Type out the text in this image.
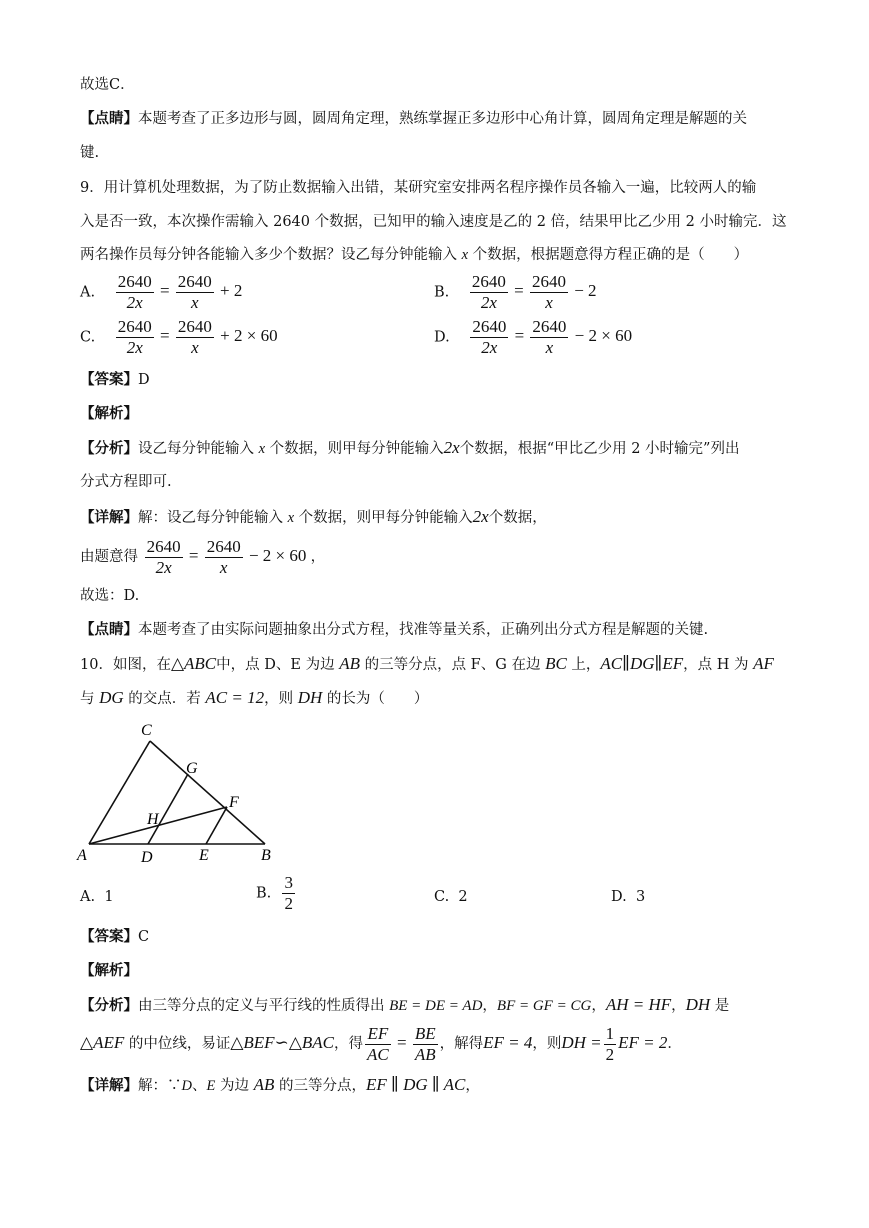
故选C．
【点睛】本题考查了正多边形与圆，圆周角定理，熟练掌握正多边形中心角计算，圆周角定理是解题的关
键.
9．用计算机处理数据，为了防止数据输入出错，某研究室安排两名程序操作员各输入一遍，比较两人的输
入是否一致，本次操作需输入 2640 个数据，已知甲的输入速度是乙的 2 倍，结果甲比乙少用 2 小时输完．这
两名操作员每分钟各能输入多少个数据？设乙每分钟能输入 x 个数据，根据题意得方程正确的是（　　）
A. $\frac{2640}{2x} = \frac{2640}{x} + 2$	B. $\frac{2640}{2x} = \frac{2640}{x} - 2$
C. $\frac{2640}{2x} = \frac{2640}{x} + 2 \times 60$	D. $\frac{2640}{2x} = \frac{2640}{x} - 2 \times 60$
【答案】D
【解析】
【分析】设乙每分钟能输入 x 个数据，则甲每分钟能输入2x个数据，根据“甲比乙少用 2 小时输完”列出
分式方程即可.
【详解】解：设乙每分钟能输入 x 个数据，则甲每分钟能输入2x个数据，
由题意得 $\frac{2640}{2x} = \frac{2640}{x} - 2 \times 60$ ，
故选：D.
【点睛】本题考查了由实际问题抽象出分式方程，找准等量关系，正确列出分式方程是解题的关键.
10．如图，在△ABC中，点 D、E 为边 AB 的三等分点，点 F、G 在边 BC 上，AC∥DG∥EF，点 H 为 AF
与 DG 的交点．若 AC = 12，则 DH 的长为（　　）
C
G
F
H
A	D	E	B
A. 1	B. $\frac{3}{2}$	C. 2	D. 3
【答案】C
【解析】
【分析】由三等分点的定义与平行线的性质得出 BE = DE = AD，BF = GF = CG，AH = HF，DH 是
△AEF 的中位线，易证△BEF∽△BAC，得 $\frac{EF}{AC} = \frac{BE}{AB}$ ，解得EF = 4，则DH = $\frac{1}{2}$ EF = 2．
【详解】解：∵D、E 为边 AB 的三等分点，EF ∥ DG ∥ AC，
